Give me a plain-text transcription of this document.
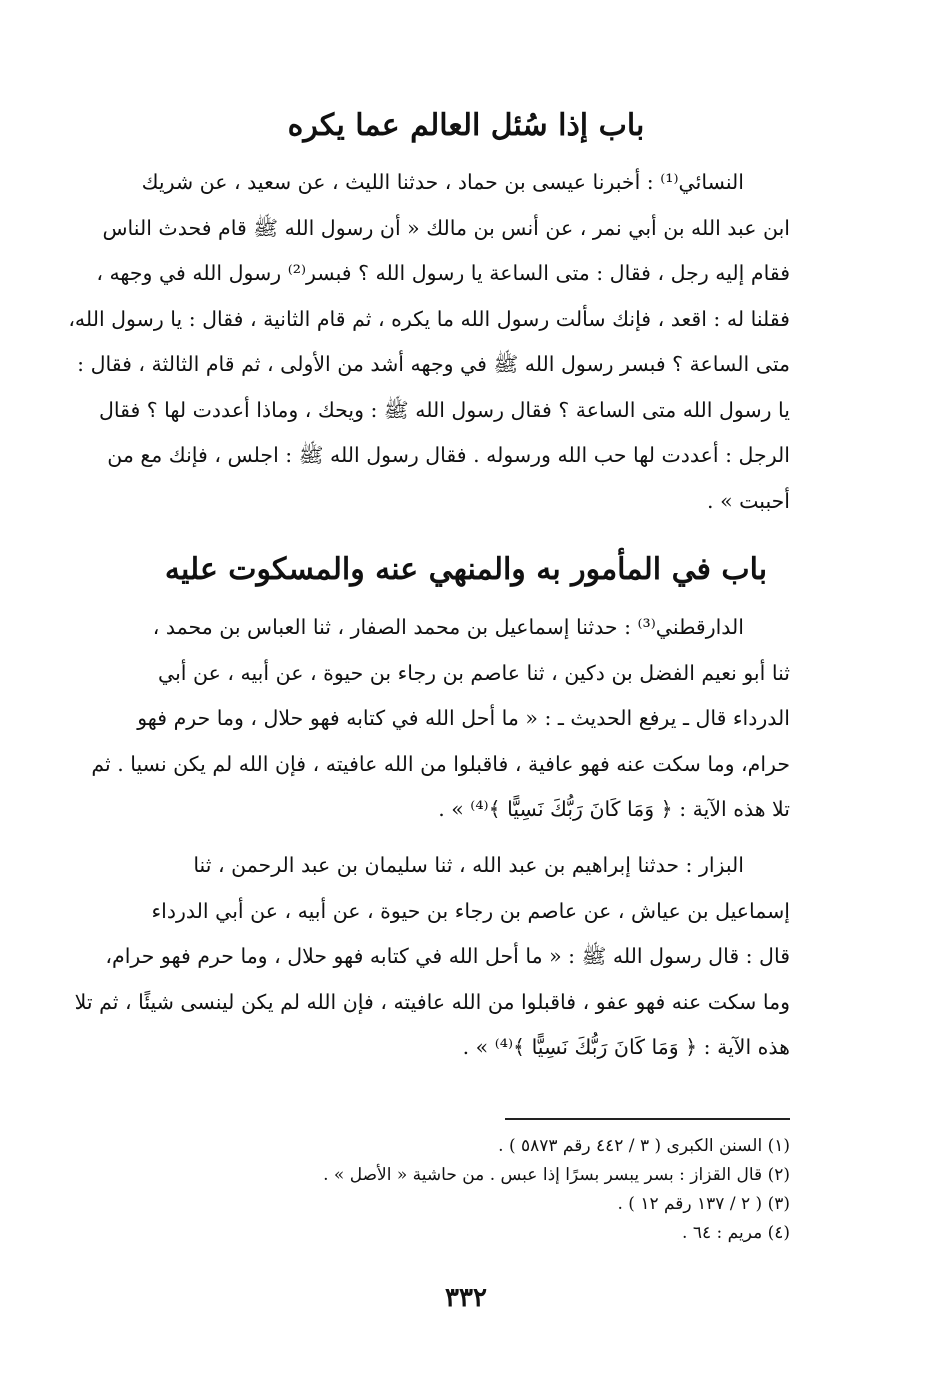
باب إذا سُئل العالم عما يكره
النسائي⁽¹⁾ : أخبرنا عيسى بن حماد ، حدثنا الليث ، عن سعيد ، عن شريك
ابن عبد الله بن أبي نمر ، عن أنس بن مالك « أن رسول الله ﷺ قام فحدث الناس
فقام إليه رجل ، فقال : متى الساعة يا رسول الله ؟ فبسر⁽²⁾ رسول الله في وجهه ،
فقلنا له : اقعد ، فإنك سألت رسول الله ما يكره ، ثم قام الثانية ، فقال : يا رسول الله،
متى الساعة ؟ فبسر رسول الله ﷺ في وجهه أشد من الأولى ، ثم قام الثالثة ، فقال :
يا رسول الله متى الساعة ؟ فقال رسول الله ﷺ : ويحك ، وماذا أعددت لها ؟ فقال
الرجل : أعددت لها حب الله ورسوله . فقال رسول الله ﷺ : اجلس ، فإنك مع من
أحببت » .
باب في المأمور به والمنهي عنه والمسكوت عليه
الدارقطني⁽³⁾ : حدثنا إسماعيل بن محمد الصفار ، ثنا العباس بن محمد ،
ثنا أبو نعيم الفضل بن دكين ، ثنا عاصم بن رجاء بن حيوة ، عن أبيه ، عن أبي
الدرداء قال ـ يرفع الحديث ـ : « ما أحل الله في كتابه فهو حلال ، وما حرم فهو
حرام، وما سكت عنه فهو عافية ، فاقبلوا من الله عافيته ، فإن الله لم يكن نسيا . ثم
تلا هذه الآية : ﴿ وَمَا كَانَ رَبُّكَ نَسِيًّا ﴾⁽⁴⁾ » .
البزار : حدثنا إبراهيم بن عبد الله ، ثنا سليمان بن عبد الرحمن ، ثنا
إسماعيل بن عياش ، عن عاصم بن رجاء بن حيوة ، عن أبيه ، عن أبي الدرداء
قال : قال رسول الله ﷺ : « ما أحل الله في كتابه فهو حلال ، وما حرم فهو حرام،
وما سكت عنه فهو عفو ، فاقبلوا من الله عافيته ، فإن الله لم يكن لينسى شيئًا ، ثم تلا
هذه الآية : ﴿ وَمَا كَانَ رَبُّكَ نَسِيًّا ﴾⁽⁴⁾ » .
(١) السنن الكبرى ( ٣ / ٤٤٢ رقم ٥٨٧٣ ) .
(٢) قال القزاز : بسر يبسر بسرًا إذا عبس . من حاشية « الأصل » .
(٣) ( ٢ / ١٣٧ رقم ١٢ ) .
(٤) مريم : ٦٤ .
٣٣٢
